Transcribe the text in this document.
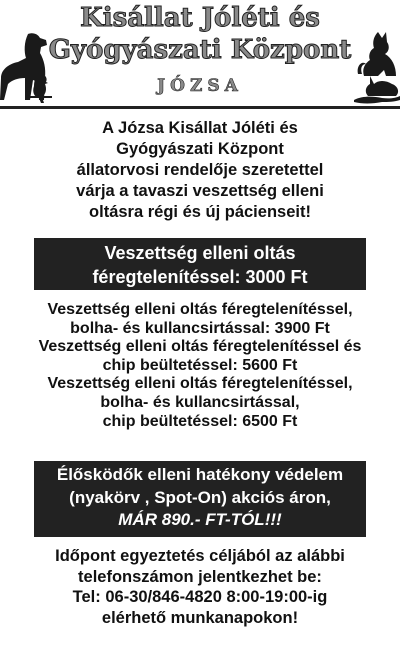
Kisállat Jóléti és
Gyógyászati Központ
JÓZSA
A Józsa Kisállat Jóléti és
Gyógyászati Központ
állatorvosi rendelője szeretettel
várja a tavaszi veszettség elleni
oltásra régi és új pácienseit!
Veszettség elleni oltás
féregtelenítéssel: 3000 Ft
Veszettség elleni oltás féregtelenítéssel,
bolha- és kullancsirtással: 3900 Ft
Veszettség elleni oltás féregtelenítéssel és
chip beültetéssel: 5600 Ft
Veszettség elleni oltás féregtelenítéssel,
bolha- és kullancsirtással,
chip beültetéssel: 6500 Ft
Élősködők elleni hatékony védelem
(nyakörv , Spot-On) akciós áron,
MÁR 890.- FT-TÓL!!!
Időpont egyeztetés céljából az alábbi
telefonszámon jelentkezhet be:
Tel: 06-30/846-4820 8:00-19:00-ig
elérhető munkanapokon!
